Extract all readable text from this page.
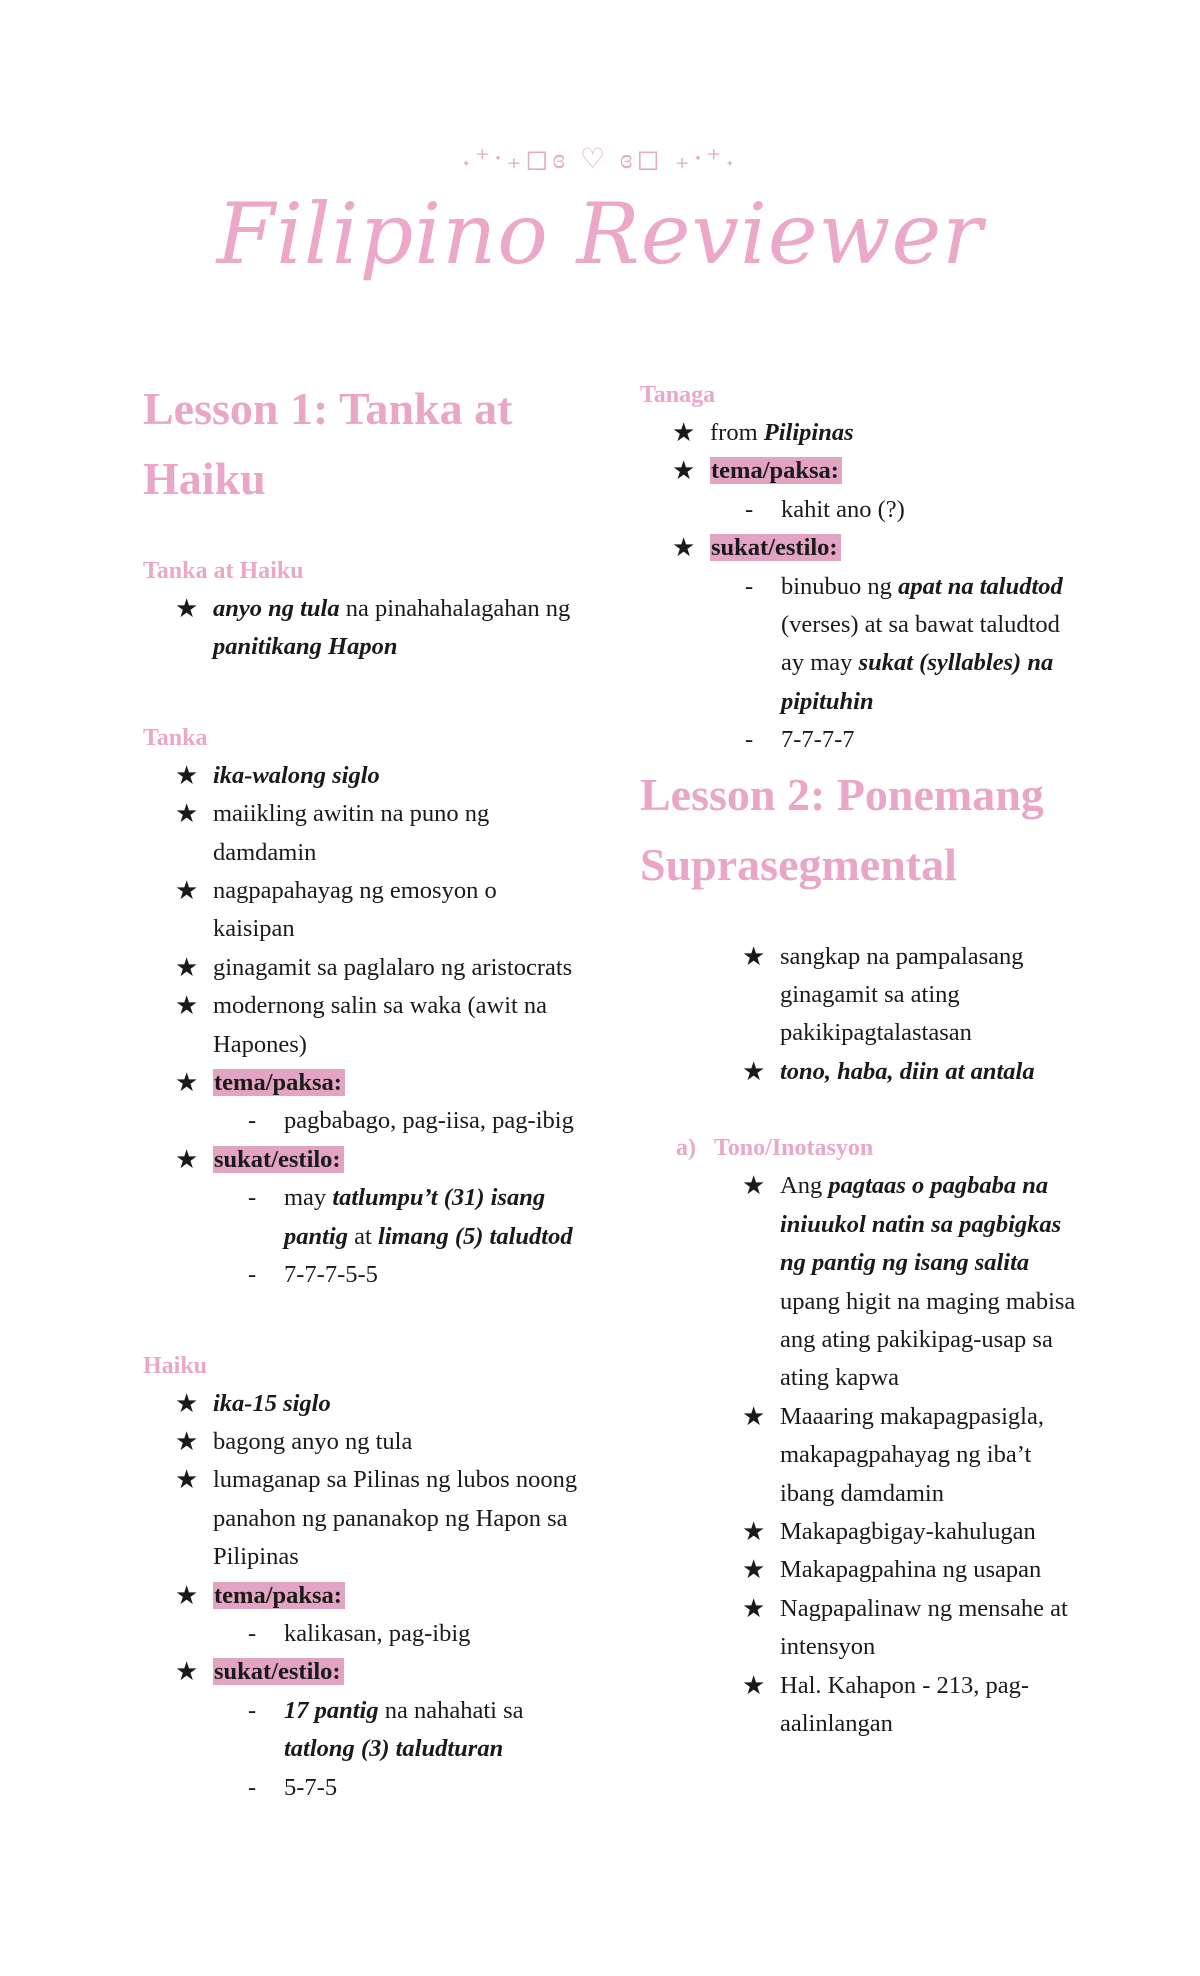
˖⁺‧₊◻ɞ ♡ ɞ◻ ₊‧⁺˖
Filipino Reviewer
Lesson 1: Tanka at
Haiku
Tanka at Haiku
★ anyo ng tula na pinahahalagahan ng panitikang Hapon
Tanka
★ ika-walong siglo
★ maiikling awitin na puno ng damdamin
★ nagpapahayag ng emosyon o kaisipan
★ ginagamit sa paglalaro ng aristocrats
★ modernong salin sa waka (awit na Hapones)
★ tema/paksa:
- pagbabago, pag-iisa, pag-ibig
★ sukat/estilo:
- may tatlumpu’t (31) isang pantig at limang (5) taludtod
- 7-7-7-5-5
Haiku
★ ika-15 siglo
★ bagong anyo ng tula
★ lumaganap sa Pilinas ng lubos noong panahon ng pananakop ng Hapon sa Pilipinas
★ tema/paksa:
- kalikasan, pag-ibig
★ sukat/estilo:
- 17 pantig na nahahati sa tatlong (3) taludturan
- 5-7-5
Tanaga
★ from Pilipinas
★ tema/paksa:
- kahit ano (?)
★ sukat/estilo:
- binubuo ng apat na taludtod (verses) at sa bawat taludtod ay may sukat (syllables) na pipituhin
- 7-7-7-7
Lesson 2: Ponemang
Suprasegmental
★ sangkap na pampalasang ginagamit sa ating pakikipagtalastasan
★ tono, haba, diin at antala
a) Tono/Inotasyon
★ Ang pagtaas o pagbaba na iniuukol natin sa pagbigkas ng pantig ng isang salita upang higit na maging mabisa ang ating pakikipag-usap sa ating kapwa
★ Maaaring makapagpasigla, makapagpahayag ng iba’t ibang damdamin
★ Makapagbigay-kahulugan
★ Makapagpahina ng usapan
★ Nagpapalinaw ng mensahe at intensyon
★ Hal. Kahapon - 213, pag-aalinlangan
